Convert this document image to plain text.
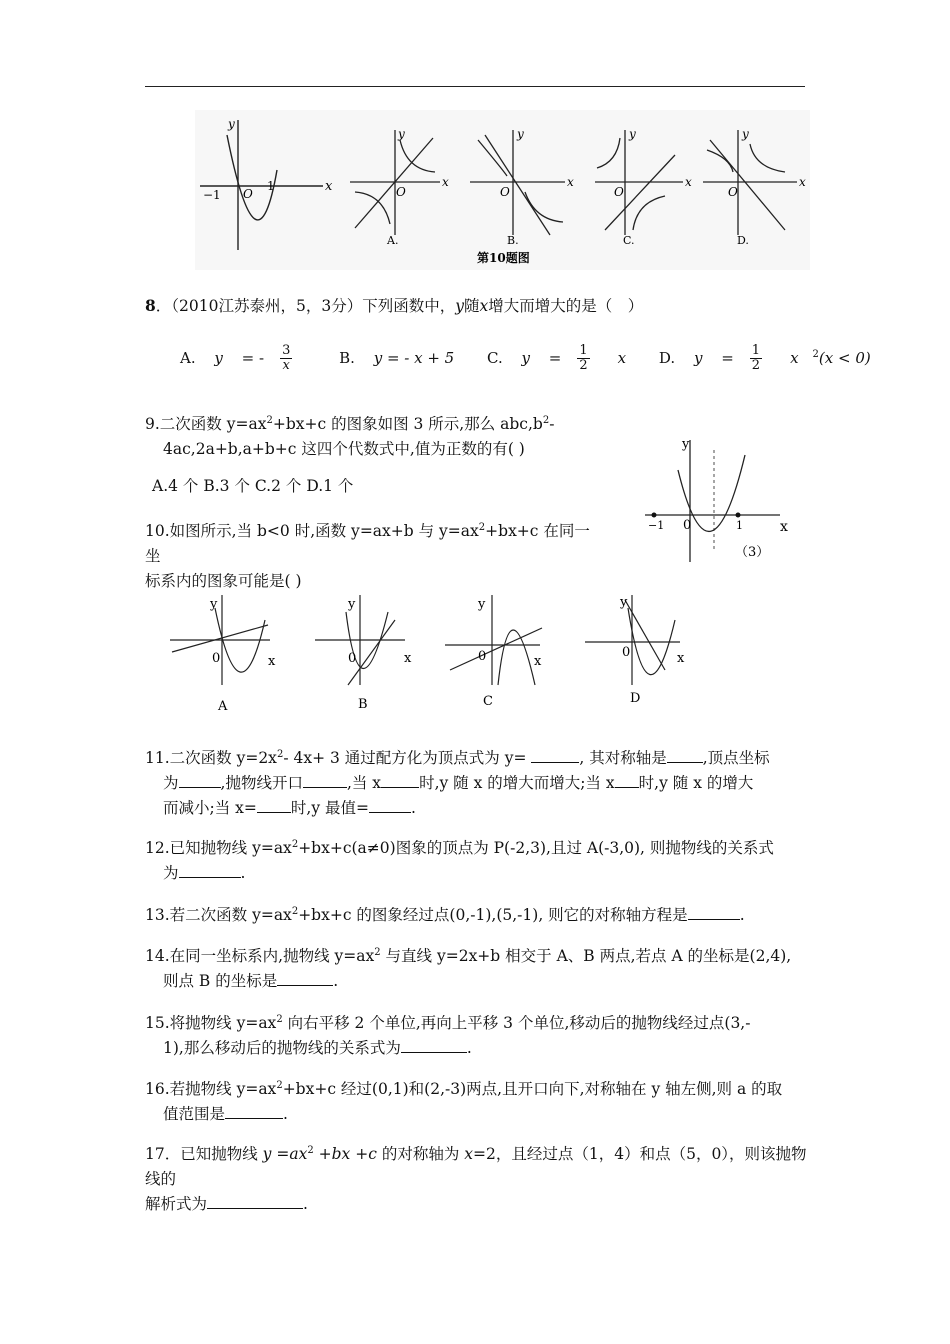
x
y
O
−1
1	x
y
O
x
y
O
x
y
O
x
y
O
A.	B.	C.	D.
第10题图
8．（2010江苏泰州，5，3分）下列函数中，y随x增大而增大的是（　）
A. y = - $\frac{3}{x} B$. y = - x + 5 C. $y = \frac{1}{2}$ x D. $y = \frac{1}{2}$ x $^2$(x < 0)
9.二次函数 $y=ax^2+bx+c$ 的图象如图 3 所示,那么 $abc,b^2-$
4ac,2a+b,a+b+c 这四个代数式中,值为正数的有( )
A.4 个 B.3 个 C.2 个 D.1 个
y
x
0
−1	1
（3）
10.如图所示,当 b<0 时,函数 y=ax+b 与 $y=ax^2+bx+c$ 在同一坐
标系内的图象可能是( )
y
x
0
A
y
x
0
B
y
x
0
C
y
x
0
D
11.二次函数 $y=2x^2-$ 4x+ 3 通过配方化为顶点式为 y=	, 其对称轴是 ,顶点坐标
为	,抛物线开口	,当 x 时,y 随 x 的增大而增大;当 x 时,y 随 x 的增大
而减小;当 x= 时,y 最值=	.
12.已知抛物线 $y=ax^2+bx+c(a\ne 0)$图象的顶点为 P(-2,3),且过 A(-3,0), 则抛物线的关系式
为	.
13.若二次函数 $y=ax^2+bx+c$ 的图象经过点(0,-1),(5,-1), 则它的对称轴方程是	.
14.在同一坐标系内,抛物线 $y=ax^2$ 与直线 y=2x+b 相交于 A、B 两点,若点 A 的坐标是(2,4),
则点 B 的坐标是	.
15.将抛物线 $y=ax^2$ 向右平移 2 个单位,再向上平移 3 个单位,移动后的抛物线经过点(3,-
1),那么移动后的抛物线的关系式为	.
16.若抛物线 $y=ax^2+bx+c$ 经过(0,1)和(2,-3)两点,且开口向下,对称轴在 y 轴左侧,则 a 的取
值范围是	.
17．已知抛物线 $y =ax^2 +bx +c$ 的对称轴为 x=2，且经过点（1，4）和点（5，0），则该抛物线的
解析式为	.
